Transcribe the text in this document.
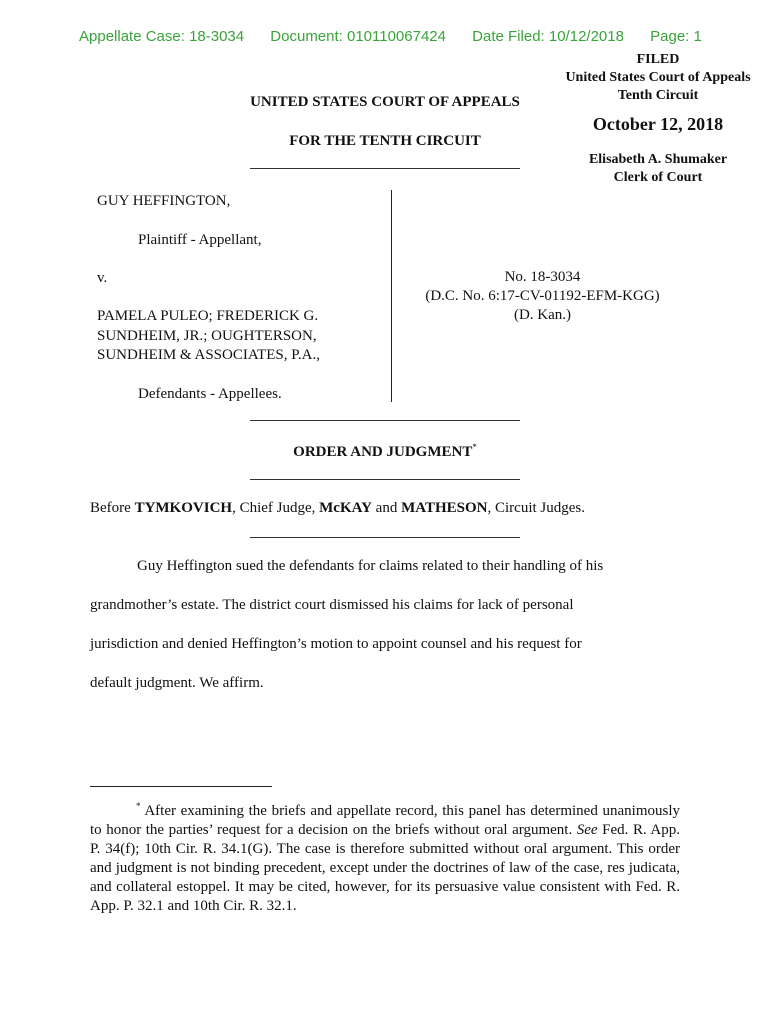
Appellate Case: 18-3034 Document: 010110067424 Date Filed: 10/12/2018 Page: 1
FILED
United States Court of Appeals
Tenth Circuit
October 12, 2018
Elisabeth A. Shumaker
Clerk of Court
UNITED STATES COURT OF APPEALS
FOR THE TENTH CIRCUIT
GUY HEFFINGTON,
Plaintiff - Appellant,
v.
PAMELA PULEO; FREDERICK G.
SUNDHEIM, JR.; OUGHTERSON,
SUNDHEIM & ASSOCIATES, P.A.,
Defendants - Appellees.
No. 18-3034
(D.C. No. 6:17-CV-01192-EFM-KGG)
(D. Kan.)
ORDER AND JUDGMENT*
Before TYMKOVICH, Chief Judge, McKAY and MATHESON, Circuit Judges.
Guy Heffington sued the defendants for claims related to their handling of his
grandmother’s estate. The district court dismissed his claims for lack of personal
jurisdiction and denied Heffington’s motion to appoint counsel and his request for
default judgment. We affirm.
* After examining the briefs and appellate record, this panel has determined unanimously to honor the parties’ request for a decision on the briefs without oral argument. See Fed. R. App. P. 34(f); 10th Cir. R. 34.1(G). The case is therefore submitted without oral argument. This order and judgment is not binding precedent, except under the doctrines of law of the case, res judicata, and collateral estoppel. It may be cited, however, for its persuasive value consistent with Fed. R. App. P. 32.1 and 10th Cir. R. 32.1.
